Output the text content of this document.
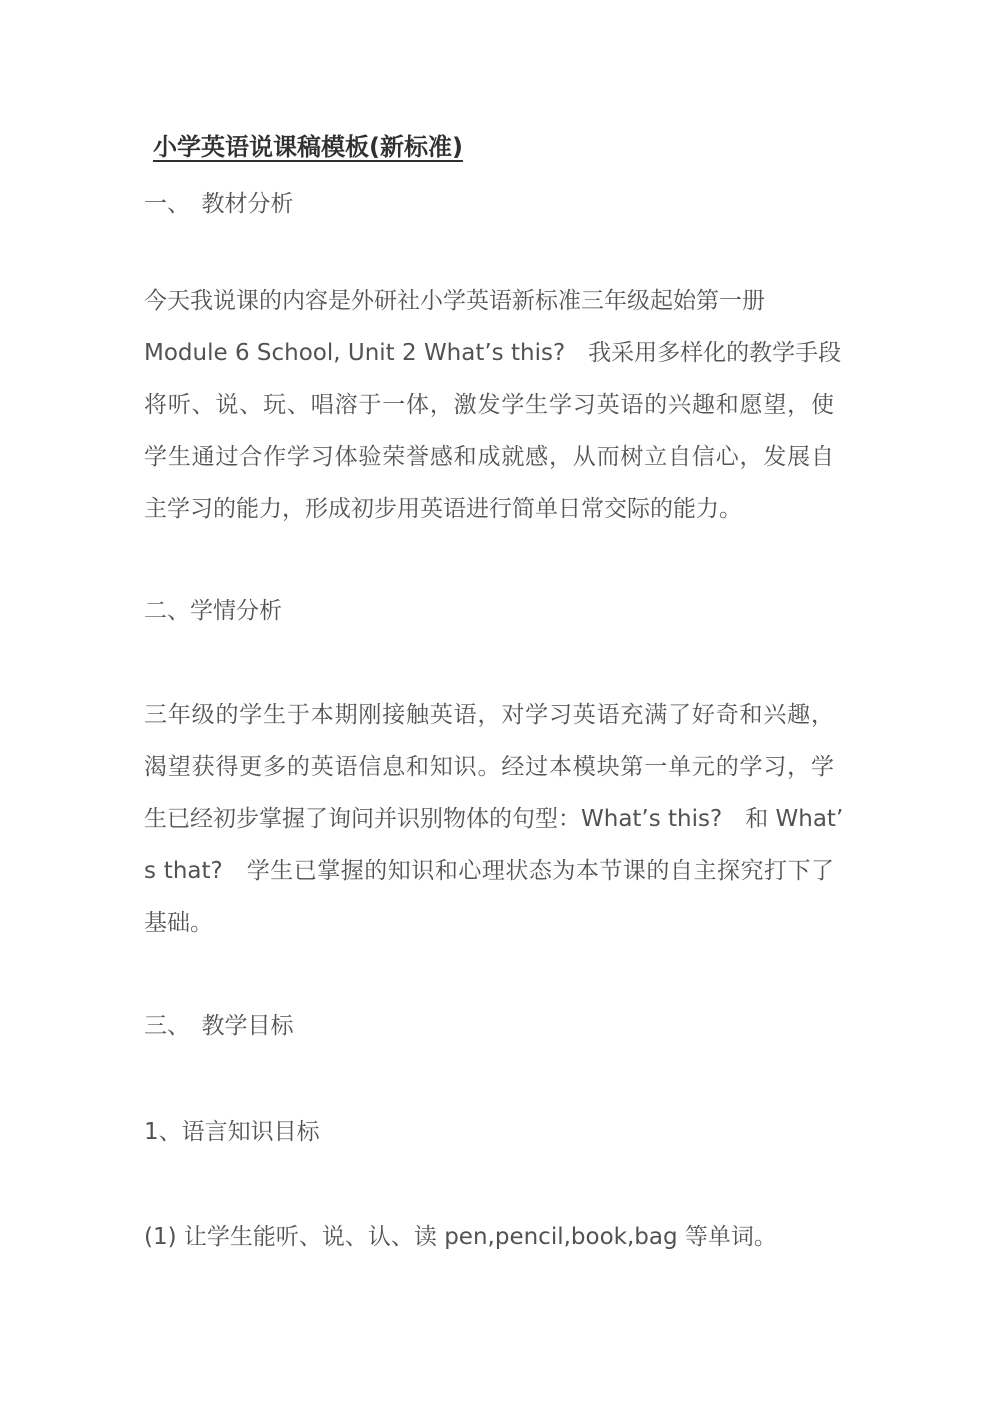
小学英语说课稿模板(新标准)
一、　教材分析
今天我说课的内容是外研社小学英语新标准三年级起始第一册
Module 6 School, Unit 2 What’s this?　我采用多样化的教学手段
将听、说、玩、唱溶于一体，激发学生学习英语的兴趣和愿望，使
学生通过合作学习体验荣誉感和成就感，从而树立自信心，发展自
主学习的能力，形成初步用英语进行简单日常交际的能力。
二、学情分析
三年级的学生于本期刚接触英语，对学习英语充满了好奇和兴趣，
渴望获得更多的英语信息和知识。经过本模块第一单元的学习，学
生已经初步掌握了询问并识别物体的句型：What’s this?　和 What’
s that?　学生已掌握的知识和心理状态为本节课的自主探究打下了
基础。
三、　教学目标
1、语言知识目标
(1) 让学生能听、说、认、读 pen,pencil,book,bag 等单词。
